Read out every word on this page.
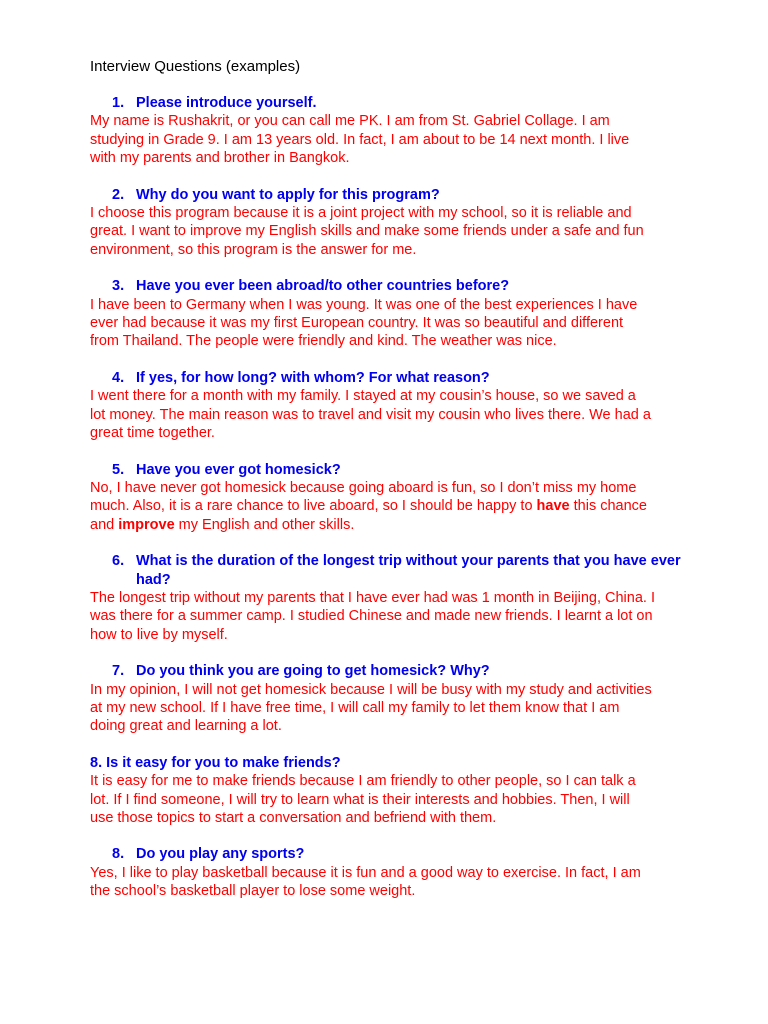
Interview Questions (examples)
1. Please introduce yourself.

My name is Rushakrit, or you can call me PK. I am from St. Gabriel Collage. I am
studying in Grade 9. I am 13 years old. In fact, I am about to be 14 next month. I live
with my parents and brother in Bangkok.

2. Why do you want to apply for this program?

I choose this program because it is a joint project with my school, so it is reliable and
great. I want to improve my English skills and make some friends under a safe and fun
environment, so this program is the answer for me.

3. Have you ever been abroad/to other countries before?

I have been to Germany when I was young. It was one of the best experiences I have
ever had because it was my first European country. It was so beautiful and different
from Thailand. The people were friendly and kind. The weather was nice.

4. If yes, for how long? with whom? For what reason?

I went there for a month with my family. I stayed at my cousin’s house, so we saved a
lot money. The main reason was to travel and visit my cousin who lives there. We had a
great time together.

5. Have you ever got homesick?

No, I have never got homesick because going aboard is fun, so I don’t miss my home
much. Also, it is a rare chance to live aboard, so I should be happy to have this chance
and improve my English and other skills.

6. What is the duration of the longest trip without your parents that you have ever had?

The longest trip without my parents that I have ever had was 1 month in Beijing, China. I
was there for a summer camp. I studied Chinese and made new friends. I learnt a lot on
how to live by myself.

7. Do you think you are going to get homesick? Why?

In my opinion, I will not get homesick because I will be busy with my study and activities
at my new school. If I have free time, I will call my family to let them know that I am
doing great and learning a lot.

8. Is it easy for you to make friends?

It is easy for me to make friends because I am friendly to other people, so I can talk a
lot. If I find someone, I will try to learn what is their interests and hobbies. Then, I will
use those topics to start a conversation and befriend with them.

8. Do you play any sports?

Yes, I like to play basketball because it is fun and a good way to exercise. In fact, I am
the school’s basketball player to lose some weight.
